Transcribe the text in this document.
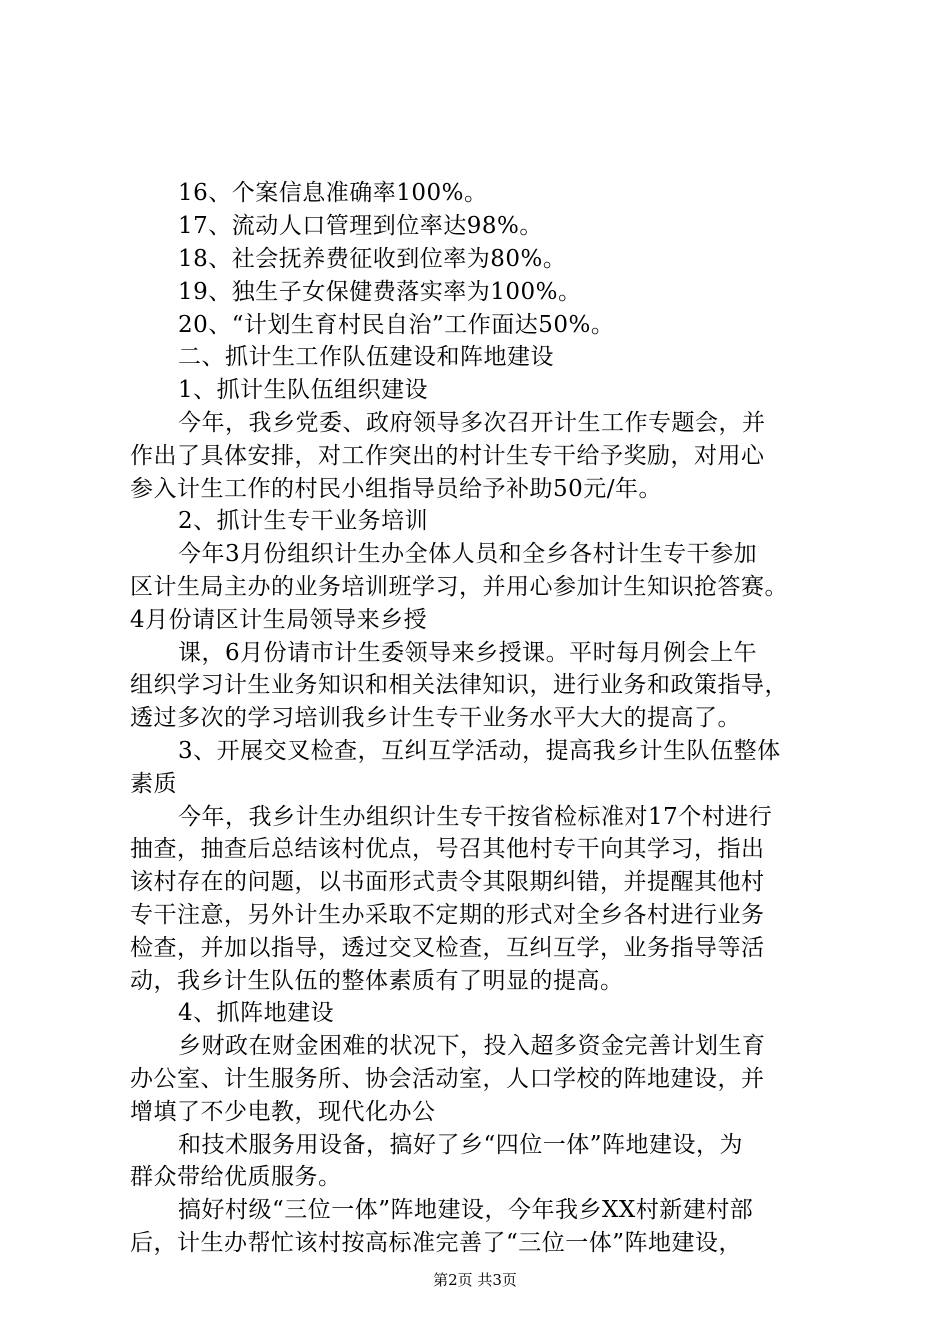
16、个案信息准确率100%。
17、流动人口管理到位率达98%。
18、社会抚养费征收到位率为80%。
19、独生子女保健费落实率为100%。
20、“计划生育村民自治”工作面达50%。
二、抓计生工作队伍建设和阵地建设
1、抓计生队伍组织建设
今年，我乡党委、政府领导多次召开计生工作专题会，并
作出了具体安排，对工作突出的村计生专干给予奖励，对用心
参入计生工作的村民小组指导员给予补助50元/年。
2、抓计生专干业务培训
今年3月份组织计生办全体人员和全乡各村计生专干参加
区计生局主办的业务培训班学习，并用心参加计生知识抢答赛。
4月份请区计生局领导来乡授
课，6月份请市计生委领导来乡授课。平时每月例会上午
组织学习计生业务知识和相关法律知识，进行业务和政策指导，
透过多次的学习培训我乡计生专干业务水平大大的提高了。
3、开展交叉检查，互纠互学活动，提高我乡计生队伍整体
素质
今年，我乡计生办组织计生专干按省检标准对17个村进行
抽查，抽查后总结该村优点，号召其他村专干向其学习，指出
该村存在的问题，以书面形式责令其限期纠错，并提醒其他村
专干注意，另外计生办采取不定期的形式对全乡各村进行业务
检查，并加以指导，透过交叉检查，互纠互学，业务指导等活
动，我乡计生队伍的整体素质有了明显的提高。
4、抓阵地建设
乡财政在财金困难的状况下，投入超多资金完善计划生育
办公室、计生服务所、协会活动室，人口学校的阵地建设，并
增填了不少电教，现代化办公
和技术服务用设备，搞好了乡“四位一体”阵地建设，为
群众带给优质服务。
搞好村级“三位一体”阵地建设，今年我乡XX村新建村部
后，计生办帮忙该村按高标准完善了“三位一体”阵地建设，
第2页 共3页
